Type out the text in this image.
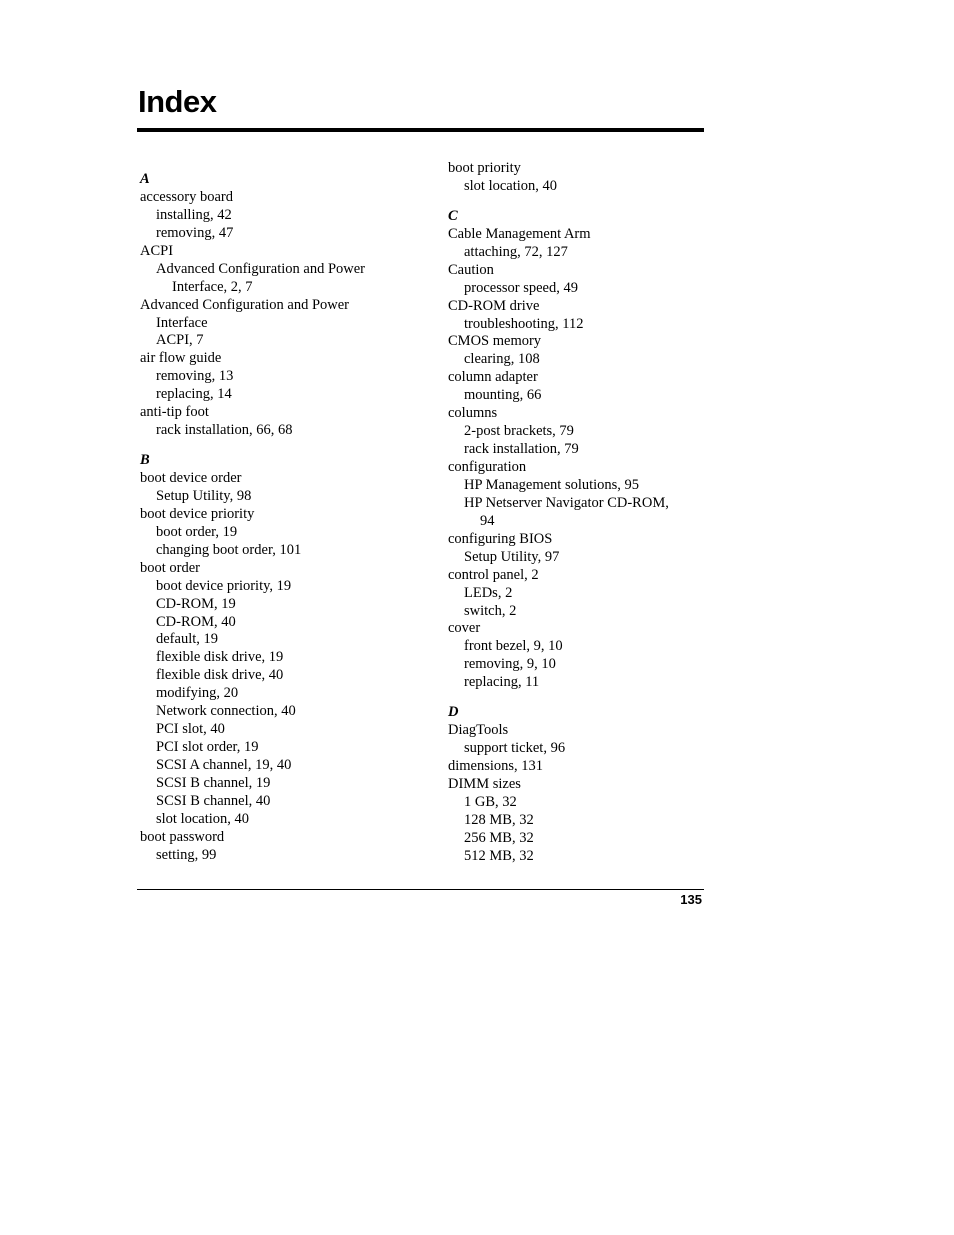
Index
A
accessory board
installing, 42
removing, 47
ACPI
Advanced Configuration and Power
Interface, 2, 7
Advanced Configuration and Power
Interface
ACPI, 7
air flow guide
removing, 13
replacing, 14
anti-tip foot
rack installation, 66, 68
B
boot device order
Setup Utility, 98
boot device priority
boot order, 19
changing boot order, 101
boot order
boot device priority, 19
CD-ROM, 19
CD-ROM, 40
default, 19
flexible disk drive, 19
flexible disk drive, 40
modifying, 20
Network connection, 40
PCI slot, 40
PCI slot order, 19
SCSI A channel, 19, 40
SCSI B channel, 19
SCSI B channel, 40
slot location, 40
boot password
setting, 99
boot priority
slot location, 40
C
Cable Management Arm
attaching, 72, 127
Caution
processor speed, 49
CD-ROM drive
troubleshooting, 112
CMOS memory
clearing, 108
column adapter
mounting, 66
columns
2-post brackets, 79
rack installation, 79
configuration
HP Management solutions, 95
HP Netserver Navigator CD-ROM,
94
configuring BIOS
Setup Utility, 97
control panel, 2
LEDs, 2
switch, 2
cover
front bezel, 9, 10
removing, 9, 10
replacing, 11
D
DiagTools
support ticket, 96
dimensions, 131
DIMM sizes
1 GB, 32
128 MB, 32
256 MB, 32
512 MB, 32
135
